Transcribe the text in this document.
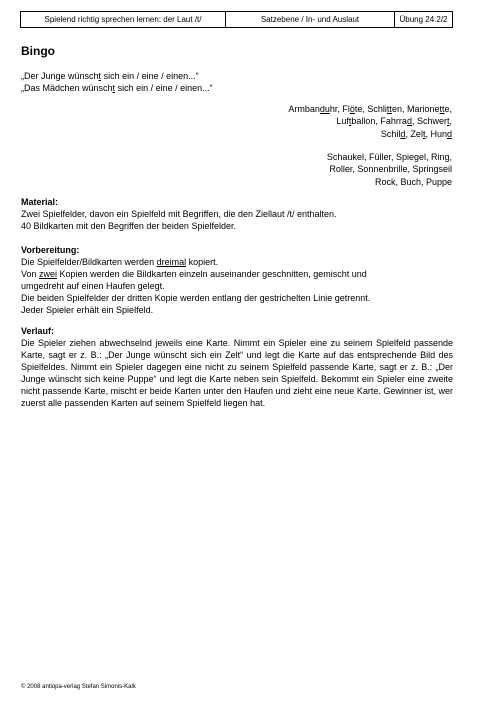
Spielend richtig sprechen lernen: der Laut /t/	Satzebene / In- und Auslaut	Übung 24.2/2
Bingo
„Der Junge wünscht sich ein / eine / einen...“
„Das Mädchen wünscht sich ein / eine / einen...“
Armbanduhr, Flöte, Schlitten, Marionette,
Luftballon, Fahrrad, Schwert,
Schild, Zelt, Hund
Schaukel, Füller, Spiegel, Ring,
Roller, Sonnenbrille, Springseil
Rock, Buch, Puppe
Material:
Zwei Spielfelder, davon ein Spielfeld mit Begriffen, die den Ziellaut /t/ enthalten.
40 Bildkarten mit den Begriffen der beiden Spielfelder.
Vorbereitung:
Die Spielfelder/Bildkarten werden dreimal kopiert.
Von zwei Kopien werden die Bildkarten einzeln auseinander geschnitten, gemischt und
umgedreht auf einen Haufen gelegt.
Die beiden Spielfelder der dritten Kopie werden entlang der gestrichelten Linie getrennt.
Jeder Spieler erhält ein Spielfeld.
Verlauf:
Die Spieler ziehen abwechselnd jeweils eine Karte. Nimmt ein Spieler eine zu seinem Spielfeld passende Karte, sagt er z. B.: „Der Junge wünscht sich ein Zelt“ und legt die Karte auf das entsprechende Bild des Spielfeldes. Nimmt ein Spieler dagegen eine nicht zu seinem Spielfeld passende Karte, sagt er z. B.: „Der Junge wünscht sich keine Puppe“ und legt die Karte neben sein Spielfeld. Bekommt ein Spieler eine zweite nicht passende Karte, mischt er beide Karten unter den Haufen und zieht eine neue Karte. Gewinner ist, wer zuerst alle passenden Karten auf seinem Spielfeld liegen hat.
© 2008 antiopa-verlag Stefan Simonis-Kalk
